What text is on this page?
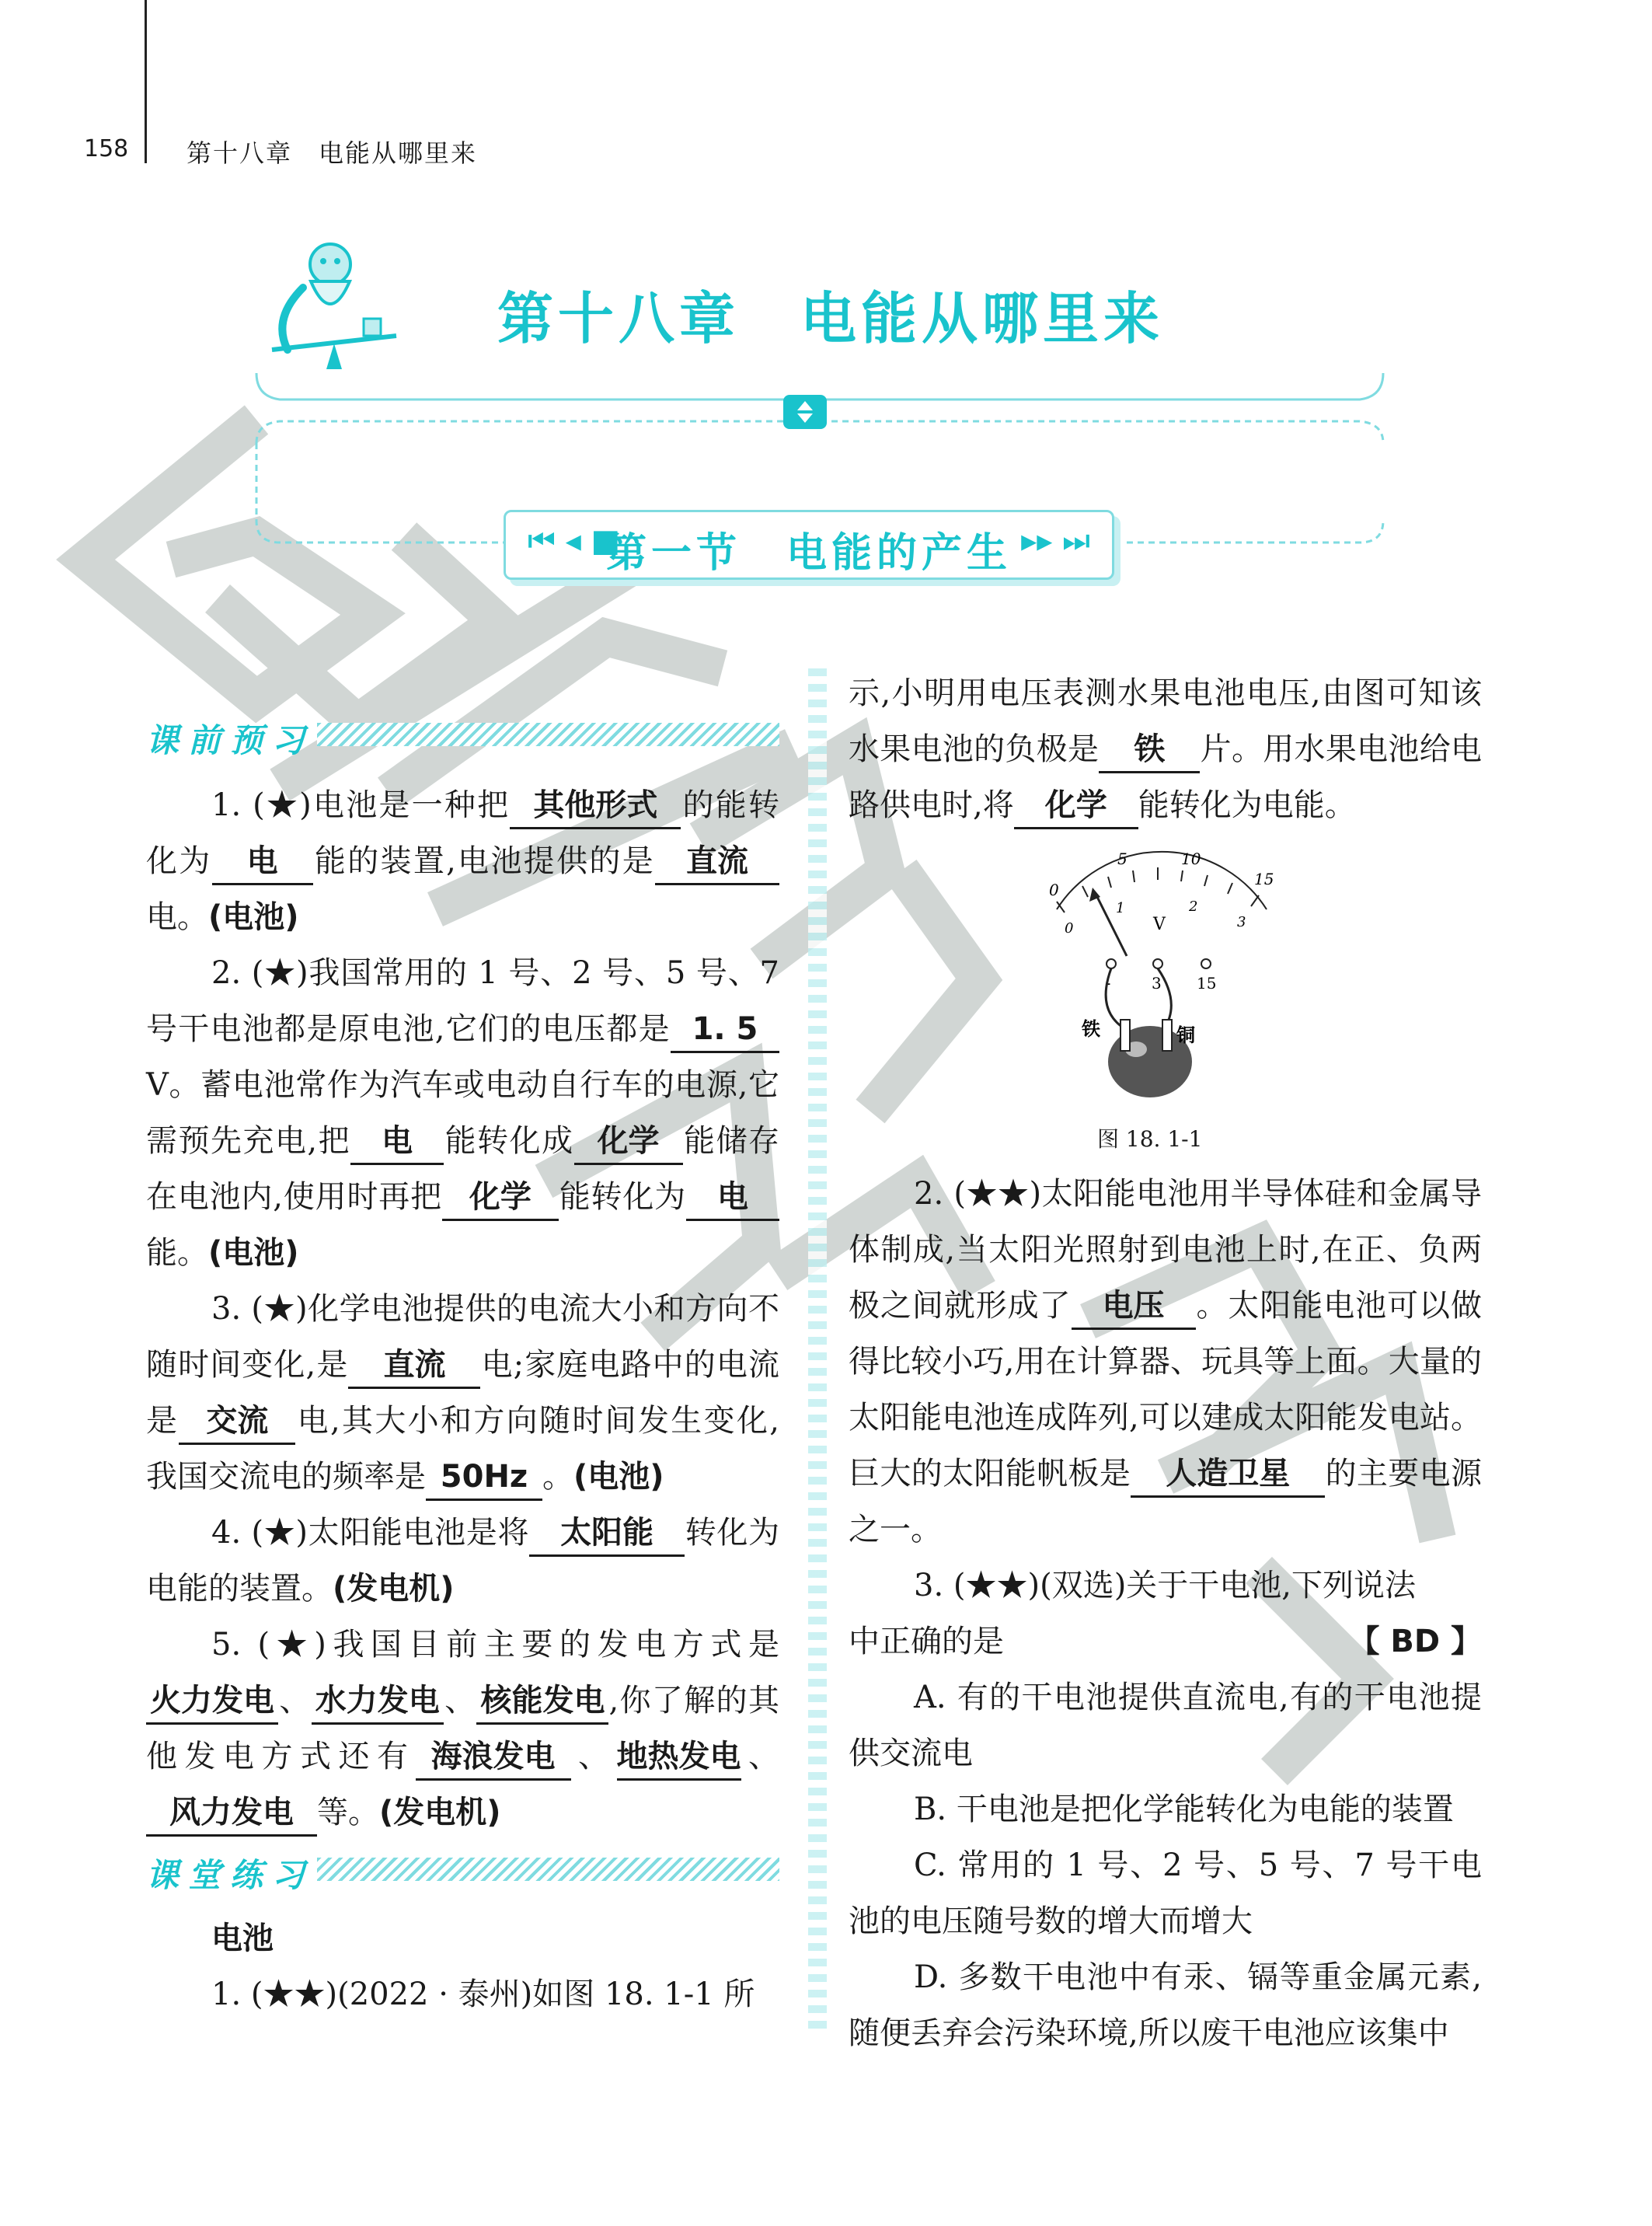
158 第十八章　电能从哪里来
第十八章　电能从哪里来
⏮ ◂ ■
第一节　电能的产生 ▸▸ ⏭
课前预习

1. (★)电池是一种把 其他形式 的能转化为 电 能的装置,电池提供的是 直流电。(电池)

2. (★)我国常用的 1 号、2 号、5 号、7 号干电池都是原电池,它们的电压都是 1. 5V。蓄电池常作为汽车或电动自行车的电源,它需预先充电,把 电 能转化成 化学 能储存在电池内,使用时再把 化学 能转化为 电能。(电池)

3. (★)化学电池提供的电流大小和方向不随时间变化,是 直流 电;家庭电路中的电流是 交流 电,其大小和方向随时间发生变化,我国交流电的频率是 50Hz 。(电池)

4. (★)太阳能电池是将 太阳能 转化为电能的装置。(发电机)

5. (★)我国目前主要的发电方式是火力发电 、 水力发电 、 核能发电 ,你了解的其他发电方式还有 海浪发电 、地热发电、风力发电 等。(发电机)

课堂练习

电池

1. (★★)(2022 · 泰州)如图 18. 1-1 所

示,小明用电压表测水果电池电压,由图可知该水果电池的负极是 铁 片。用水果电池给电路供电时,将 化学 能转化为电能。

0
5	10
15
0
1	2
3
V
-	3 15
铁	铜
图 18. 1-1

2. (★★)太阳能电池用半导体硅和金属导体制成,当太阳光照射到电池上时,在正、负两极之间就形成了 电压 。太阳能电池可以做得比较小巧,用在计算器、玩具等上面。大量的太阳能电池连成阵列,可以建成太阳能发电站。巨大的太阳能帆板是 人造卫星 的主要电源之一。

3. (★★)(双选)关于干电池,下列说法

中正确的是	【 BD 】

A. 有的干电池提供直流电,有的干电池提供交流电

B. 干电池是把化学能转化为电能的装置

C. 常用的 1 号、2 号、5 号、7 号干电池的电压随号数的增大而增大

D. 多数干电池中有汞、镉等重金属元素,随便丢弃会污染环境,所以废干电池应该集中
